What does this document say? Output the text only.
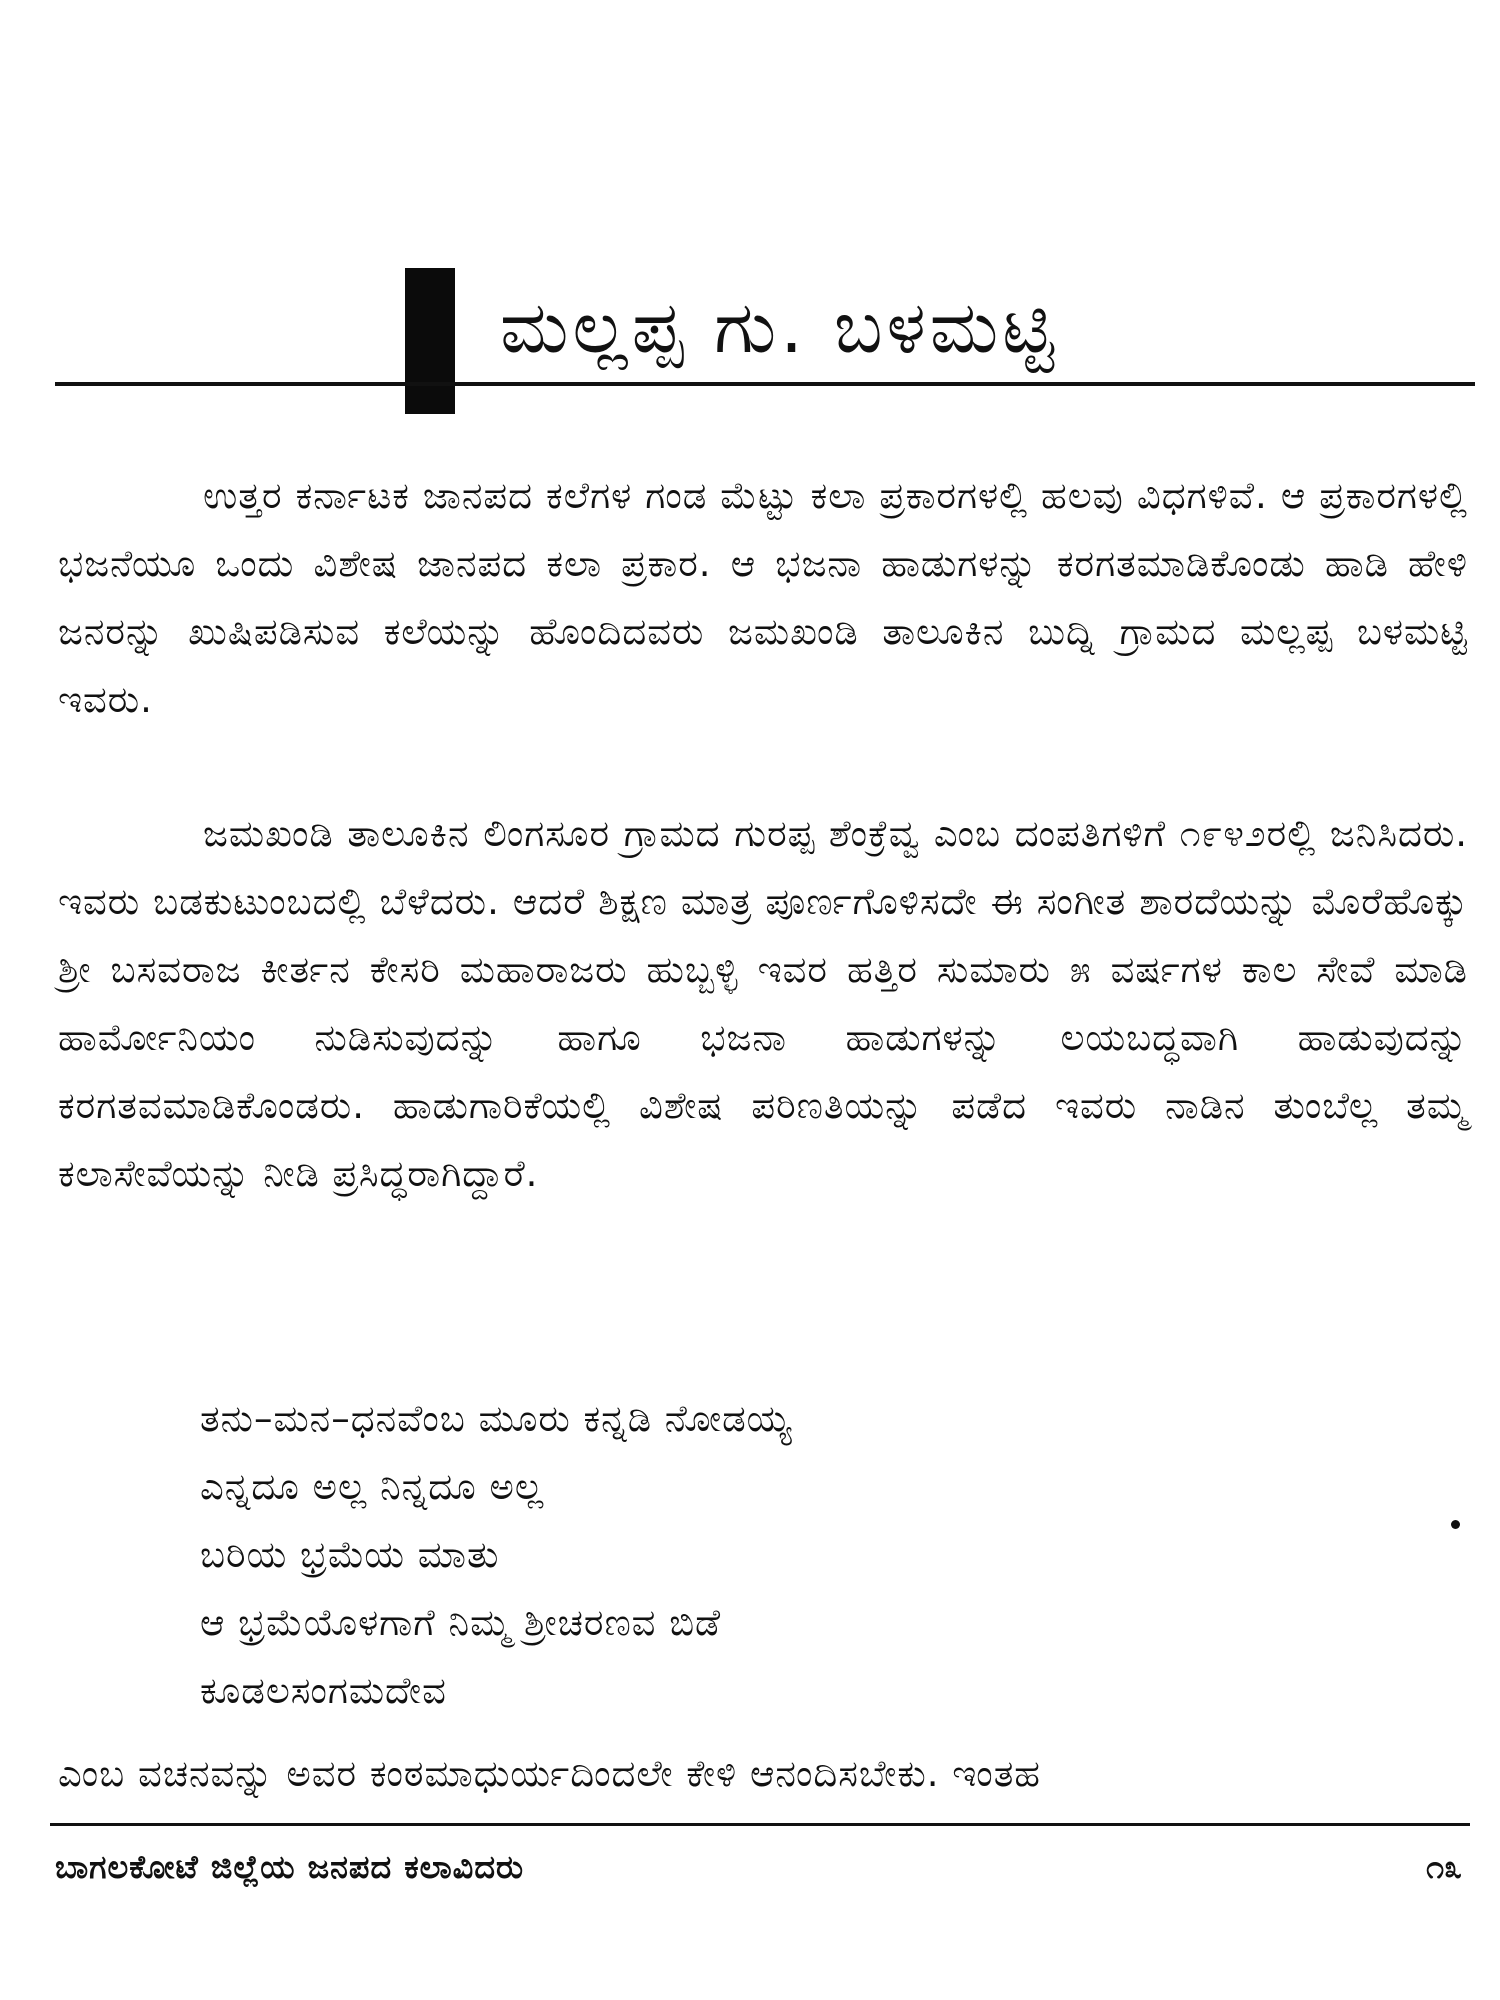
ಮಲ್ಲಪ್ಪ ಗು. ಬಳಮಟ್ಟಿ

ಉತ್ತರ ಕರ್ನಾಟಕ ಜಾನಪದ ಕಲೆಗಳ ಗಂಡ ಮೆಟ್ಟು ಕಲಾ ಪ್ರಕಾರಗಳಲ್ಲಿ ಹಲವು ವಿಧಗಳಿವೆ. ಆ ಪ್ರಕಾರಗಳಲ್ಲಿ ಭಜನೆಯೂ ಒಂದು ವಿಶೇಷ ಜಾನಪದ ಕಲಾ ಪ್ರಕಾರ. ಆ ಭಜನಾ ಹಾಡುಗಳನ್ನು ಕರಗತಮಾಡಿಕೊಂಡು ಹಾಡಿ ಹೇಳಿ ಜನರನ್ನು ಖುಷಿಪಡಿಸುವ ಕಲೆಯನ್ನು ಹೊಂದಿದವರು ಜಮಖಂಡಿ ತಾಲೂಕಿನ ಬುದ್ನಿ ಗ್ರಾಮದ ಮಲ್ಲಪ್ಪ ಬಳಮಟ್ಟಿ ಇವರು.

ಜಮಖಂಡಿ ತಾಲೂಕಿನ ಲಿಂಗಸೂರ ಗ್ರಾಮದ ಗುರಪ್ಪ ಶೆಂಕ್ರೆವ್ವ ಎಂಬ ದಂಪತಿಗಳಿಗೆ ೧೯೪೨ರಲ್ಲಿ ಜನಿಸಿದರು. ಇವರು ಬಡಕುಟುಂಬದಲ್ಲಿ ಬೆಳೆದರು. ಆದರೆ ಶಿಕ್ಷಣ ಮಾತ್ರ ಪೂರ್ಣಗೊಳಿಸದೇ ಈ ಸಂಗೀತ ಶಾರದೆಯನ್ನು ಮೊರೆಹೊಕ್ಕು ಶ್ರೀ ಬಸವರಾಜ ಕೀರ್ತನ ಕೇಸರಿ ಮಹಾರಾಜರು ಹುಬ್ಬಳ್ಳಿ ಇವರ ಹತ್ತಿರ ಸುಮಾರು ೫ ವರ್ಷಗಳ ಕಾಲ ಸೇವೆ ಮಾಡಿ ಹಾರ್ಮೋನಿಯಂ ನುಡಿಸುವುದನ್ನು ಹಾಗೂ ಭಜನಾ ಹಾಡುಗಳನ್ನು ಲಯಬದ್ಧವಾಗಿ ಹಾಡುವುದನ್ನು ಕರಗತವಮಾಡಿಕೊಂಡರು. ಹಾಡುಗಾರಿಕೆಯಲ್ಲಿ ವಿಶೇಷ ಪರಿಣತಿಯನ್ನು ಪಡೆದ ಇವರು ನಾಡಿನ ತುಂಬೆಲ್ಲ ತಮ್ಮ ಕಲಾಸೇವೆಯನ್ನು ನೀಡಿ ಪ್ರಸಿದ್ಧರಾಗಿದ್ದಾರೆ.

ತನು–ಮನ–ಧನವೆಂಬ ಮೂರು ಕನ್ನಡಿ ನೋಡಯ್ಯ
ಎನ್ನದೂ ಅಲ್ಲ ನಿನ್ನದೂ ಅಲ್ಲ
ಬರಿಯ ಭ್ರಮೆಯ ಮಾತು
ಆ ಭ್ರಮೆಯೊಳಗಾಗೆ ನಿಮ್ಮ ಶ್ರೀಚರಣವ ಬಿಡೆ
ಕೂಡಲಸಂಗಮದೇವ

ಎಂಬ ವಚನವನ್ನು ಅವರ ಕಂಠಮಾಧುರ್ಯದಿಂದಲೇ ಕೇಳಿ ಆನಂದಿಸಬೇಕು. ಇಂತಹ

ಬಾಗಲಕೋಟೆ ಜಿಲ್ಲೆಯ ಜನಪದ ಕಲಾವಿದರು	೧೩
